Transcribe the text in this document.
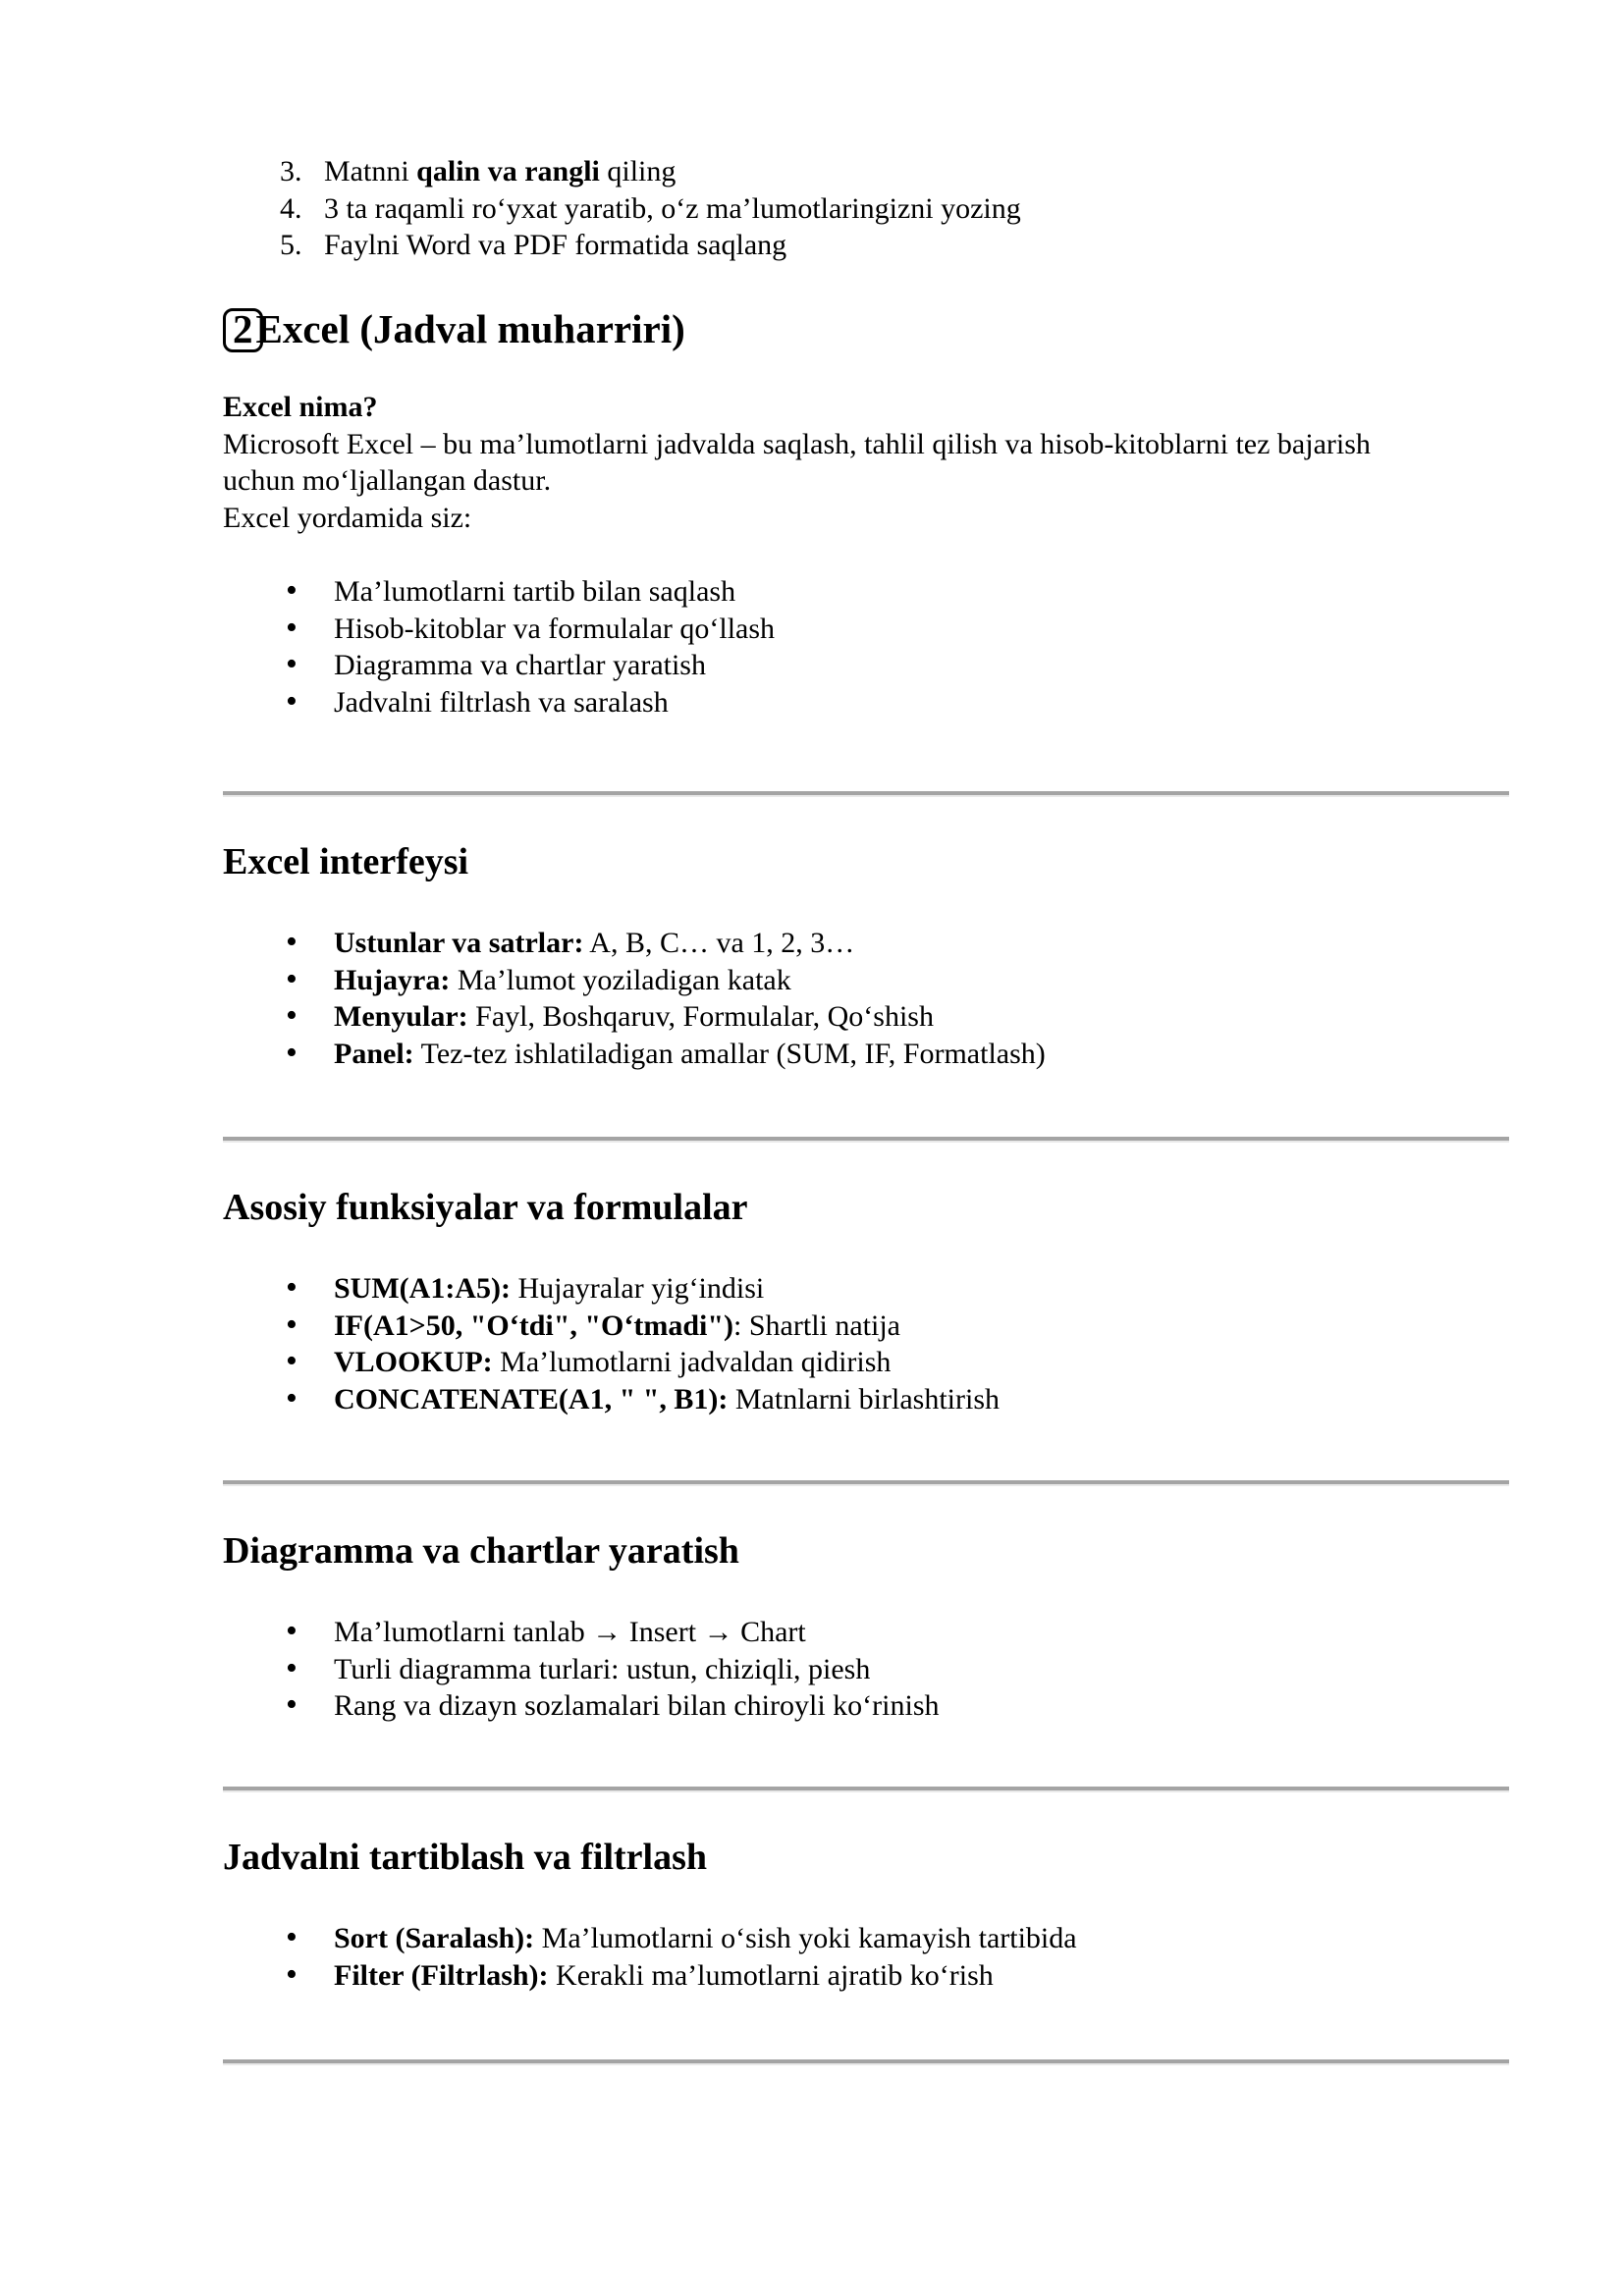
3. Matnni qalin va rangli qiling
4. 3 ta raqamli roʻyxat yaratib, oʻz ma’lumotlaringizni yozing
5. Faylni Word va PDF formatida saqlang
2Excel (Jadval muharriri)
Excel nima?
Microsoft Excel – bu ma’lumotlarni jadvalda saqlash, tahlil qilish va hisob-kitoblarni tez bajarish
uchun moʻljallangan dastur.
Excel yordamida siz:
• Ma’lumotlarni tartib bilan saqlash
• Hisob-kitoblar va formulalar qoʻllash
• Diagramma va chartlar yaratish
• Jadvalni filtrlash va saralash
Excel interfeysi
• Ustunlar va satrlar: A, B, C… va 1, 2, 3…
• Hujayra: Ma’lumot yoziladigan katak
• Menyular: Fayl, Boshqaruv, Formulalar, Qoʻshish
• Panel: Tez-tez ishlatiladigan amallar (SUM, IF, Formatlash)
Asosiy funksiyalar va formulalar
• SUM(A1:A5): Hujayralar yigʻindisi
• IF(A1>50, "Oʻtdi", "Oʻtmadi"): Shartli natija
• VLOOKUP: Ma’lumotlarni jadvaldan qidirish
• CONCATENATE(A1, " ", B1): Matnlarni birlashtirish
Diagramma va chartlar yaratish
• Ma’lumotlarni tanlab → Insert → Chart
• Turli diagramma turlari: ustun, chiziqli, piesh
• Rang va dizayn sozlamalari bilan chiroyli koʻrinish
Jadvalni tartiblash va filtrlash
• Sort (Saralash): Ma’lumotlarni oʻsish yoki kamayish tartibida
• Filter (Filtrlash): Kerakli ma’lumotlarni ajratib koʻrish
